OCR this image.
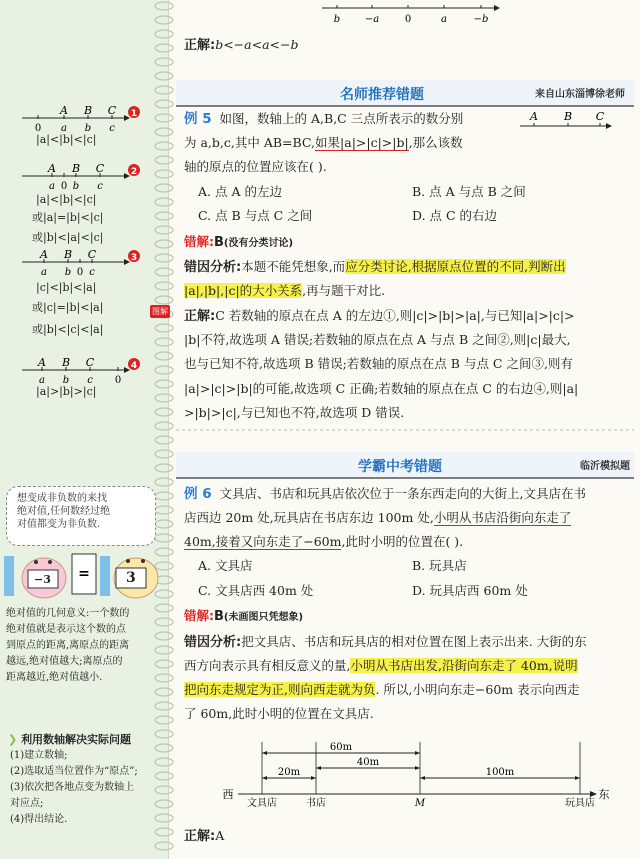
A B C
0 a b c
1
A B C
a 0 b c
2
A B C
a b 0 c
3
A B C
a b c 0
4
|a|<|b|<|c|
|a|<|b|<|c|
或|a|=|b|<|c|
或|b|<|a|<|c|
|c|<|b|<|a|
或|c|=|b|<|a|
或|b|<|c|<|a|
|a|>|b|>|c|
图解
想变成非负数的来找
绝对值,任何数经过绝
对值都变为非负数.
=
−3	3
绝对值的几何意义:一个数的
绝对值就是表示这个数的点
到原点的距离,离原点的距离
越远,绝对值越大;离原点的
距离越近,绝对值越小.
❯ 利用数轴解决实际问题
(1)建立数轴;
(2)选取适当位置作为“原点”;
(3)依次把各地点变为数轴上
对应点;
(4)得出结论.
b −a	0	a	−b
A B C
文具店	书店	M	玩具店
西	东
60m
20m
40m
100m
正解:b<−a<a<−b
名师推荐错题	来自山东淄博徐老师
例 5 如图，数轴上的 A,B,C 三点所表示的数分别
为 a,b,c,其中 AB=BC,如果|a|>|c|>|b|,那么该数
轴的原点的位置应该在( ).
A. 点 A 的左边	B. 点 A 与点 B 之间
C. 点 B 与点 C 之间	D. 点 C 的右边
错解:B(没有分类讨论)
错因分析:本题不能凭想象,而应分类讨论,根据原点位置的不同,判断出
|a|,|b|,|c|的大小关系,再与题干对比.
正解:C 若数轴的原点在点 A 的左边①,则|c|>|b|>|a|,与已知|a|>|c|>
|b|不符,故选项 A 错误;若数轴的原点在点 A 与点 B 之间②,则|c|最大,
也与已知不符,故选项 B 错误;若数轴的原点在点 B 与点 C 之间③,则有
|a|>|c|>|b|的可能,故选项 C 正确;若数轴的原点在点 C 的右边④,则|a|
>|b|>|c|,与已知也不符,故选项 D 错误.
学霸中考错题	临沂模拟题
例 6 文具店、书店和玩具店依次位于一条东西走向的大街上,文具店在书
店西边 20m 处,玩具店在书店东边 100m 处,小明从书店沿街向东走了
40m,接着又向东走了−60m,此时小明的位置在( ).
A. 文具店	B. 玩具店
C. 文具店西 40m 处	D. 玩具店西 60m 处
错解:B(未画图只凭想象)
错因分析:把文具店、书店和玩具店的相对位置在图上表示出来. 大街的东
西方向表示具有相反意义的量,小明从书店出发,沿街向东走了 40m,说明
把向东走规定为正,则向西走就为负. 所以,小明向东走−60m 表示向西走
了 60m,此时小明的位置在文具店.
正解:A
